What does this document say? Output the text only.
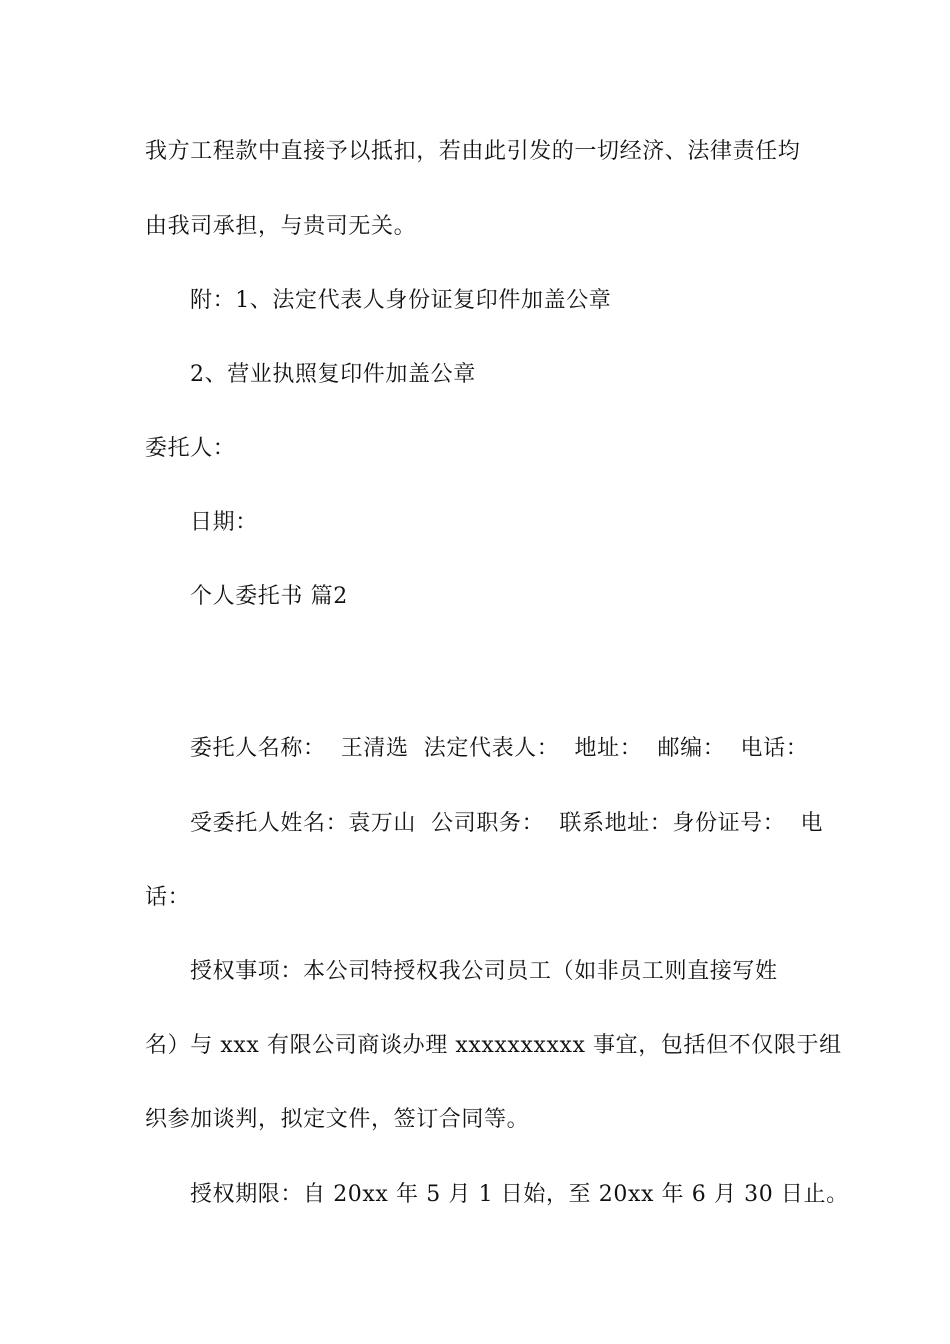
我方工程款中直接予以抵扣，若由此引发的一切经济、法律责任均
由我司承担，与贵司无关。
附：1、法定代表人身份证复印件加盖公章
2、营业执照复印件加盖公章
委托人：
日期：
个人委托书 篇2
委托人名称：  王清选  法定代表人：  地址：  邮编：  电话：
受委托人姓名：袁万山  公司职务：  联系地址：身份证号：  电
话：
授权事项：本公司特授权我公司员工（如非员工则直接写姓
名）与 xxx 有限公司商谈办理 xxxxxxxxxx 事宜，包括但不仅限于组
织参加谈判，拟定文件，签订合同等。
授权期限：自 20xx 年 5 月 1 日始，至 20xx 年 6 月 30 日止。
